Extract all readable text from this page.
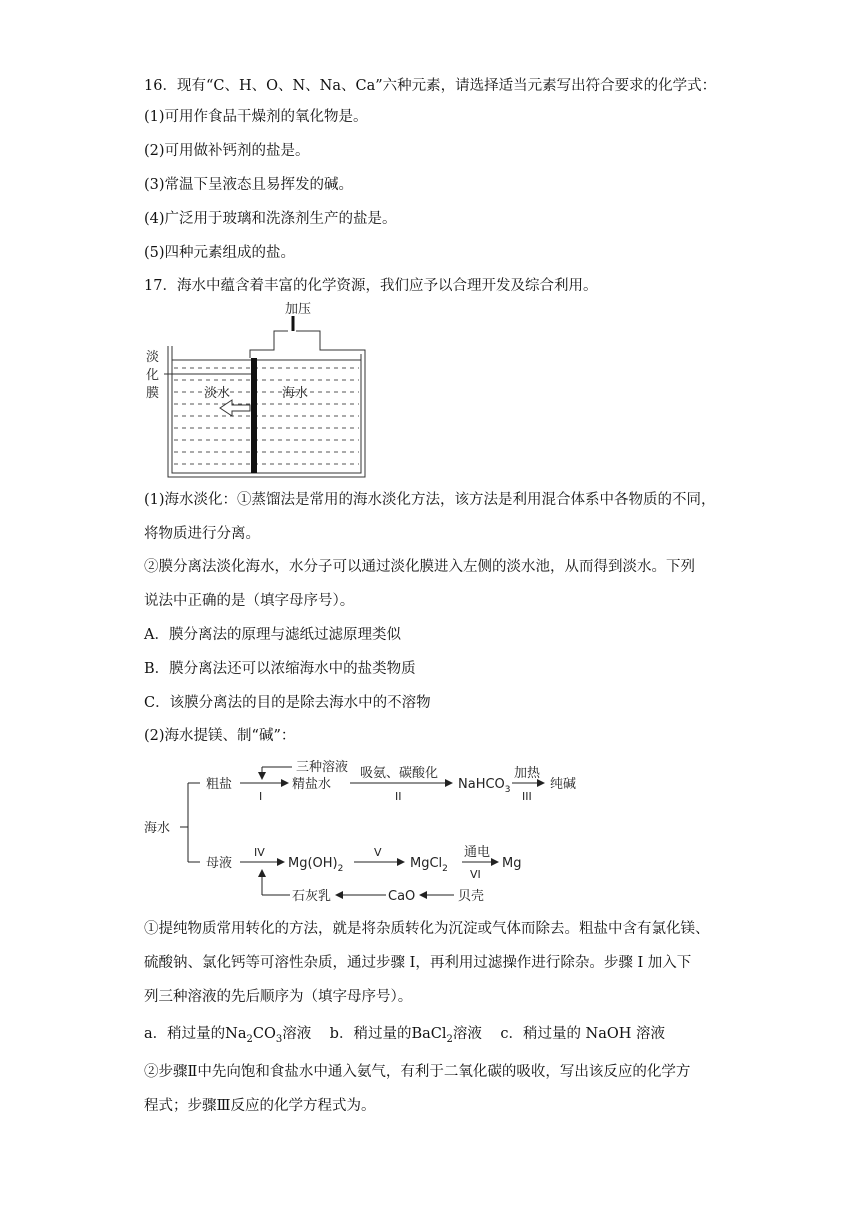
16．现有“C、H、O、N、Na、Ca”六种元素，请选择适当元素写出符合要求的化学式：
(1)可用作食品干燥剂的氧化物是。
(2)可用做补钙剂的盐是。
(3)常温下呈液态且易挥发的碱。
(4)广泛用于玻璃和洗涤剂生产的盐是。
(5)四种元素组成的盐。
17．海水中蕴含着丰富的化学资源，我们应予以合理开发及综合利用。
加压
淡
化
膜	淡水	海水
(1)海水淡化：①蒸馏法是常用的海水淡化方法，该方法是利用混合体系中各物质的不同，
将物质进行分离。
②膜分离法淡化海水，水分子可以通过淡化膜进入左侧的淡水池，从而得到淡水。下列
说法中正确的是（填字母序号）。
A．膜分离法的原理与滤纸过滤原理类似
B．膜分离法还可以浓缩海水中的盐类物质
C．该膜分离法的目的是除去海水中的不溶物
(2)海水提镁、制“碱”：
海水
粗盐
三种溶液
I
精盐水
吸氨、碳酸化
II
NaHCO$_3$
加热
III
纯碱
母液
IV
$Mg(OH)_2$
V
MgCl$_2$
通电
VI
Mg
石灰乳	CaO	贝壳
①提纯物质常用转化的方法，就是将杂质转化为沉淀或气体而除去。粗盐中含有氯化镁、
硫酸钠、氯化钙等可溶性杂质，通过步骤 I，再利用过滤操作进行除杂。步骤 I 加入下
列三种溶液的先后顺序为（填字母序号）。
a．稍过量的$Na_2CO_3$溶液 b．稍过量的BaCl$_2$溶液 c．稍过量的 NaOH 溶液
②步骤Ⅱ中先向饱和食盐水中通入氨气，有利于二氧化碳的吸收，写出该反应的化学方
程式；步骤Ⅲ反应的化学方程式为。
